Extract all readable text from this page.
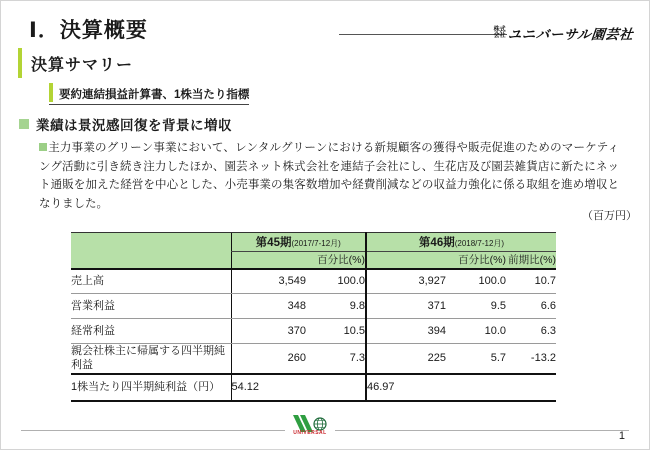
Ⅰ．決算概要	株式
会社 ユニバーサル園芸社
決算サマリー
要約連結損益計算書、1株当たり指標
業績は景況感回復を背景に増収
主力事業のグリーン事業において、レンタルグリーンにおける新規顧客の獲得や販売促進のためのマーケティング活動に引き続き注力したほか、園芸ネット株式会社を連結子会社にし、生花店及び園芸雑貨店に新たにネット通販を加えた経営を中心とした、小売事業の集客数増加や経費削減などの収益力強化に係る取組を進め増収となりました。
（百万円）
	第45期(2017/7-12月)		第46期(2018/7-12月)		
		百分比(%)		百分比(%)	前期比(%)
売上高	3,549	100.0	3,927	100.0	10.7
営業利益	348	9.8	371	9.5	6.6
経常利益	370	10.5	394	10.0	6.3
親会社株主に帰属する四半期純利益	260	7.3	225	5.7	-13.2
1株当たり四半期純利益（円）	54.12		46.97		
UNIVERSAL	1
